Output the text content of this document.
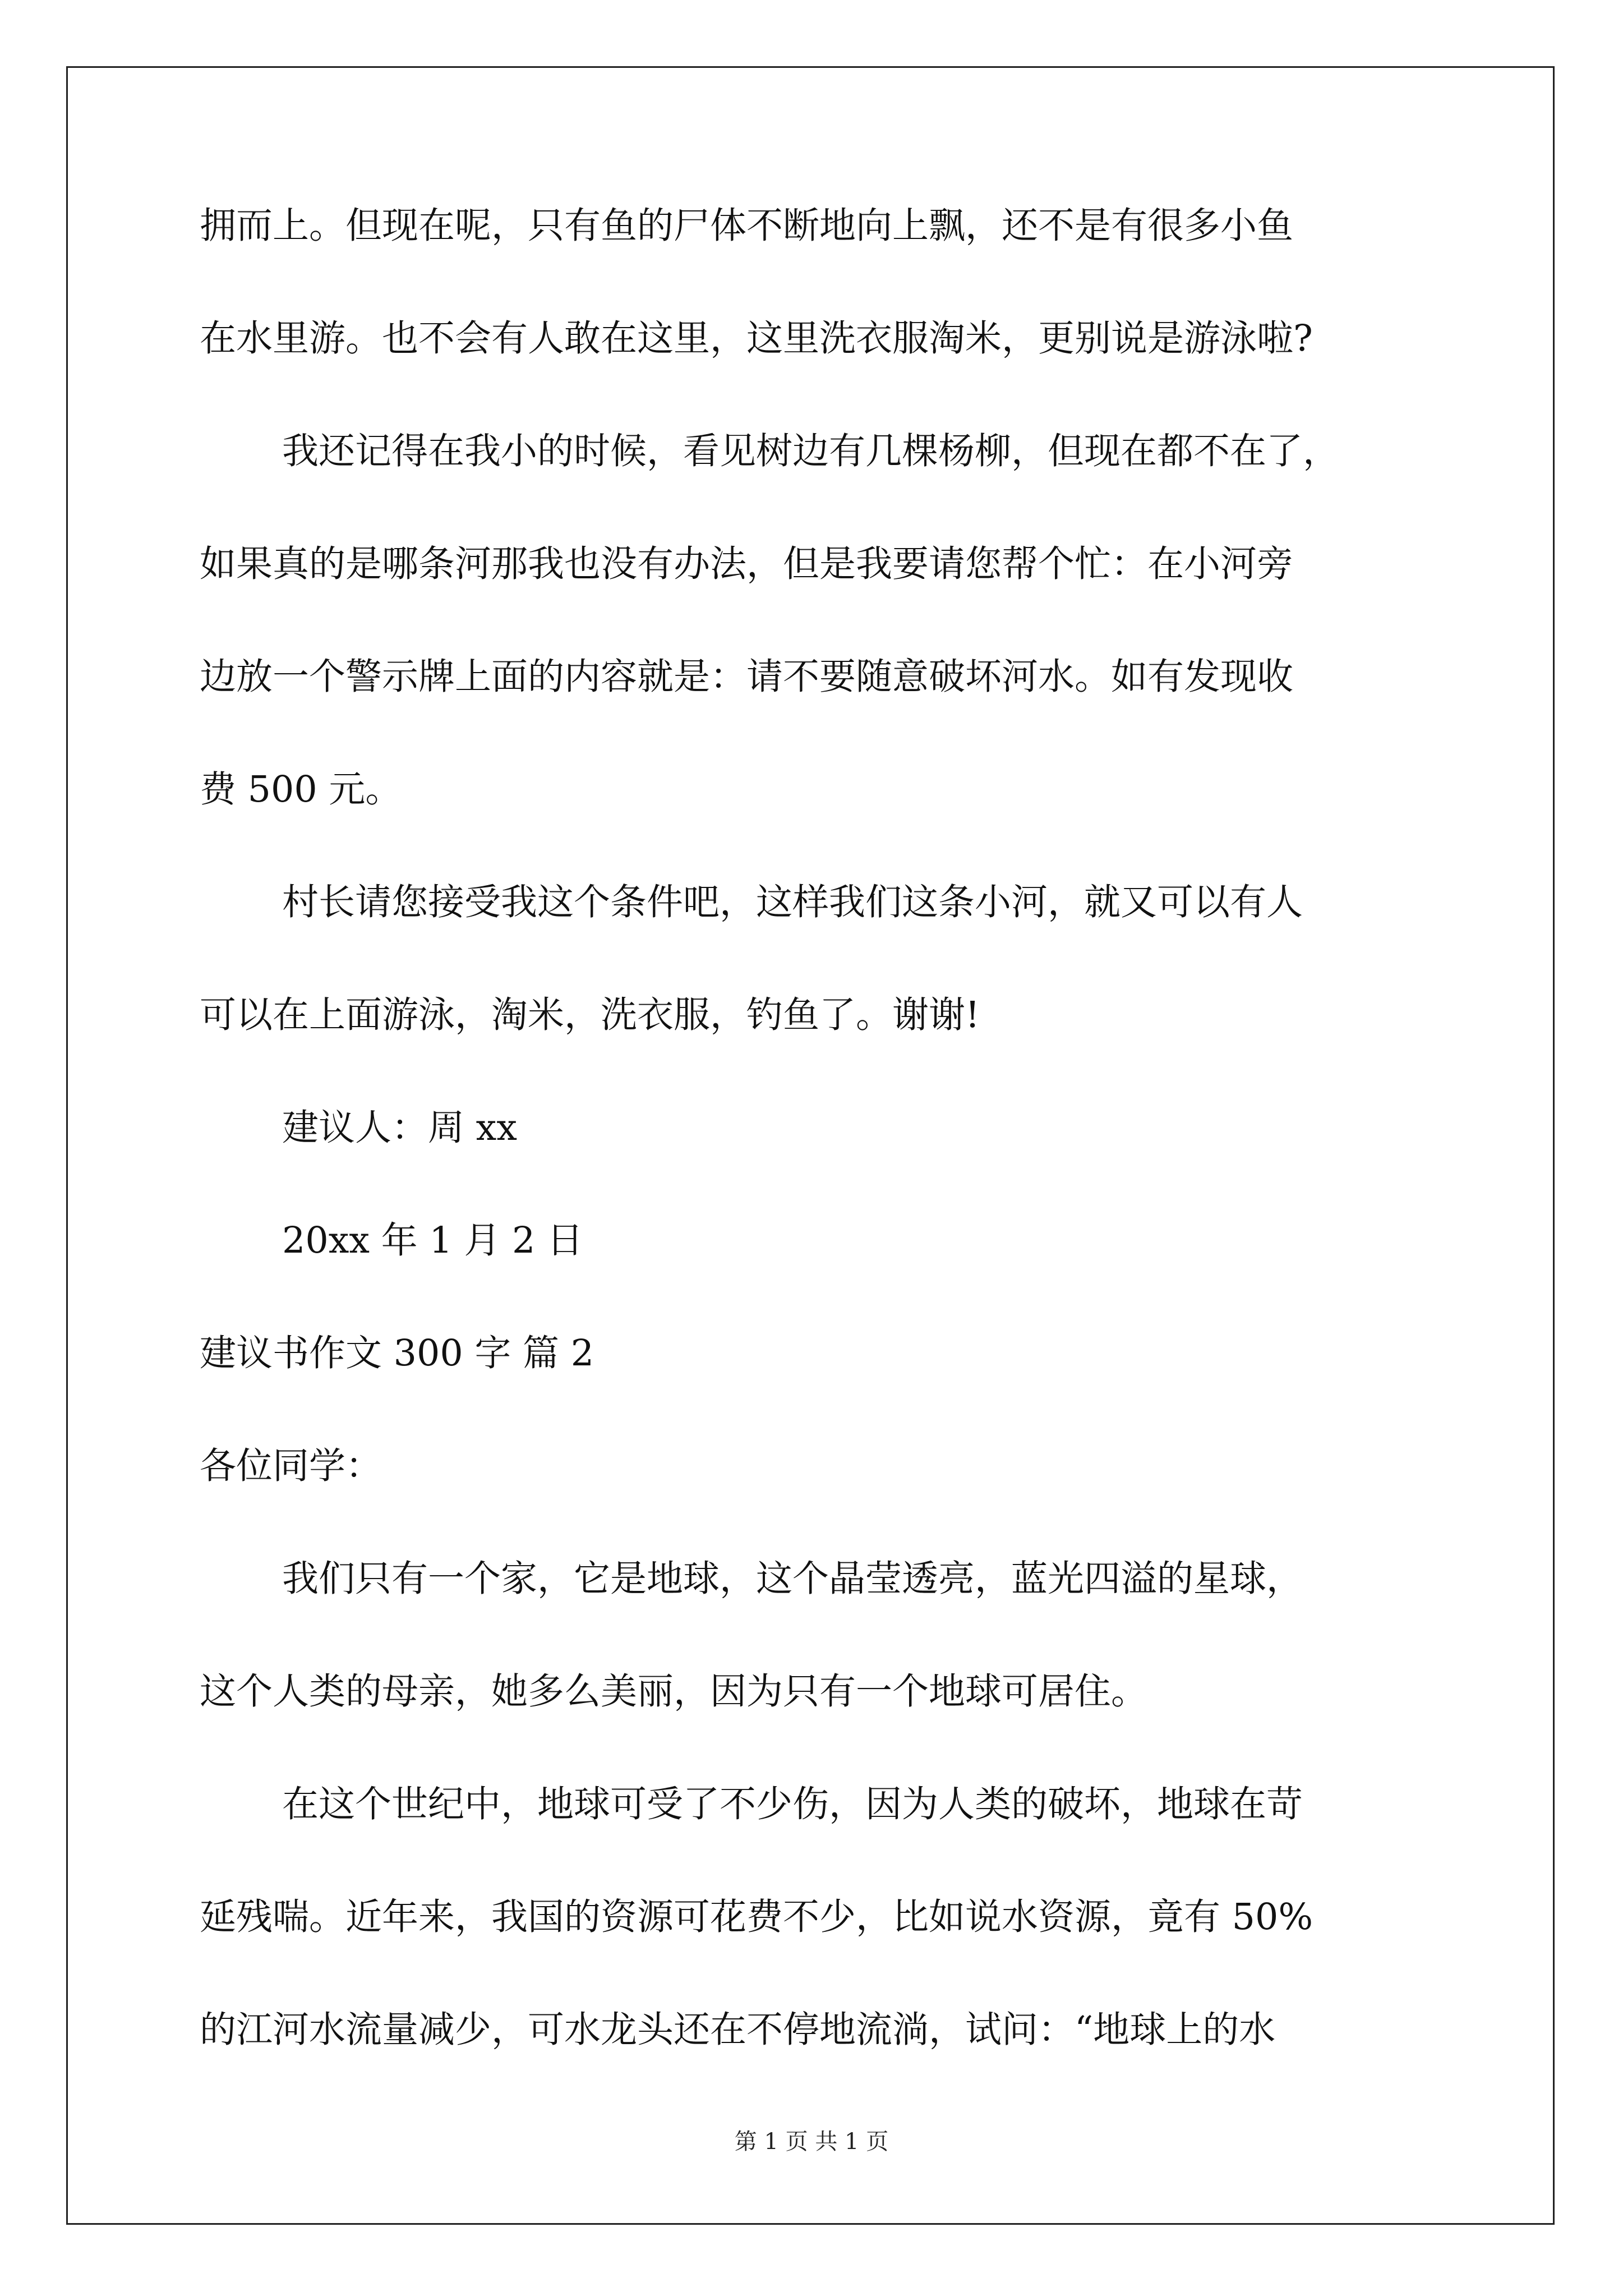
拥而上。但现在呢，只有鱼的尸体不断地向上飘，还不是有很多小鱼
在水里游。也不会有人敢在这里，这里洗衣服淘米，更别说是游泳啦?
我还记得在我小的时候，看见树边有几棵杨柳，但现在都不在了，
如果真的是哪条河那我也没有办法，但是我要请您帮个忙：在小河旁
边放一个警示牌上面的内容就是：请不要随意破坏河水。如有发现收
费 500 元。
村长请您接受我这个条件吧，这样我们这条小河，就又可以有人
可以在上面游泳，淘米，洗衣服，钓鱼了。谢谢!
建议人：周 xx
20xx 年 1 月 2 日
建议书作文 300 字 篇 2
各位同学：
我们只有一个家，它是地球，这个晶莹透亮，蓝光四溢的星球，
这个人类的母亲，她多么美丽，因为只有一个地球可居住。
在这个世纪中，地球可受了不少伤，因为人类的破坏，地球在苛
延残喘。近年来，我国的资源可花费不少，比如说水资源，竟有 50%
的江河水流量减少，可水龙头还在不停地流淌，试问：“地球上的水
第 1 页 共 1 页
